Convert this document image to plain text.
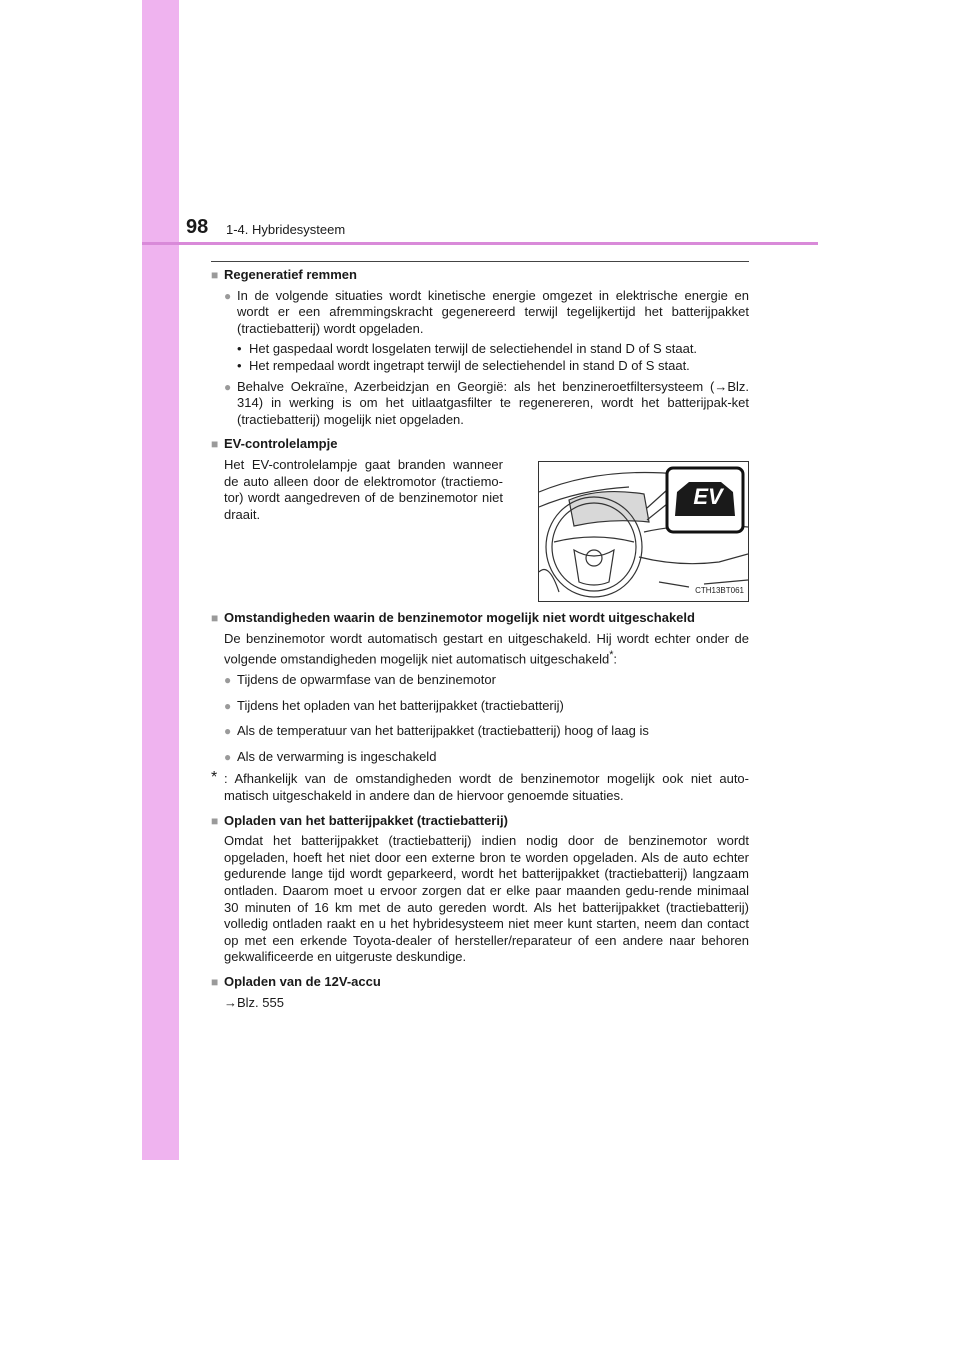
98 1-4. Hybridesysteem
■ Regeneratief remmen
● In de volgende situaties wordt kinetische energie omgezet in elektrische energie en wordt er een afremmingskracht gegenereerd terwijl tegelijkertijd het batterijpakket (tractiebatterij) wordt opgeladen.
• Het gaspedaal wordt losgelaten terwijl de selectiehendel in stand D of S staat.
• Het rempedaal wordt ingetrapt terwijl de selectiehendel in stand D of S staat.
● Behalve Oekraïne, Azerbeidzjan en Georgië: als het benzineroetfiltersysteem (→Blz. 314) in werking is om het uitlaatgasfilter te regenereren, wordt het batterijpak-ket (tractiebatterij) mogelijk niet opgeladen.
■ EV-controlelampje
Het EV-controlelampje gaat branden wanneer de auto alleen door de elektromotor (tractiemo-tor) wordt aangedreven of de benzinemotor niet draait.
EV
CTH13BT061
■ Omstandigheden waarin de benzinemotor mogelijk niet wordt uitgeschakeld

De benzinemotor wordt automatisch gestart en uitgeschakeld. Hij wordt echter onder de volgende omstandigheden mogelijk niet automatisch uitgeschakeld*:

● Tijdens de opwarmfase van de benzinemotor
● Tijdens het opladen van het batterijpakket (tractiebatterij)
● Als de temperatuur van het batterijpakket (tractiebatterij) hoog of laag is
● Als de verwarming is ingeschakeld
* : Afhankelijk van de omstandigheden wordt de benzinemotor mogelijk ook niet auto-matisch uitgeschakeld in andere dan de hiervoor genoemde situaties.
■ Opladen van het batterijpakket (tractiebatterij)

Omdat het batterijpakket (tractiebatterij) indien nodig door de benzinemotor wordt opgeladen, hoeft het niet door een externe bron te worden opgeladen. Als de auto echter gedurende lange tijd wordt geparkeerd, wordt het batterijpakket (tractiebatterij) langzaam ontladen. Daarom moet u ervoor zorgen dat er elke paar maanden gedu-rende minimaal 30 minuten of 16 km met de auto gereden wordt. Als het batterijpakket (tractiebatterij) volledig ontladen raakt en u het hybridesysteem niet meer kunt starten, neem dan contact op met een erkende Toyota-dealer of hersteller/reparateur of een andere naar behoren gekwalificeerde en uitgeruste deskundige.

■ Opladen van de 12V-accu
→Blz. 555
